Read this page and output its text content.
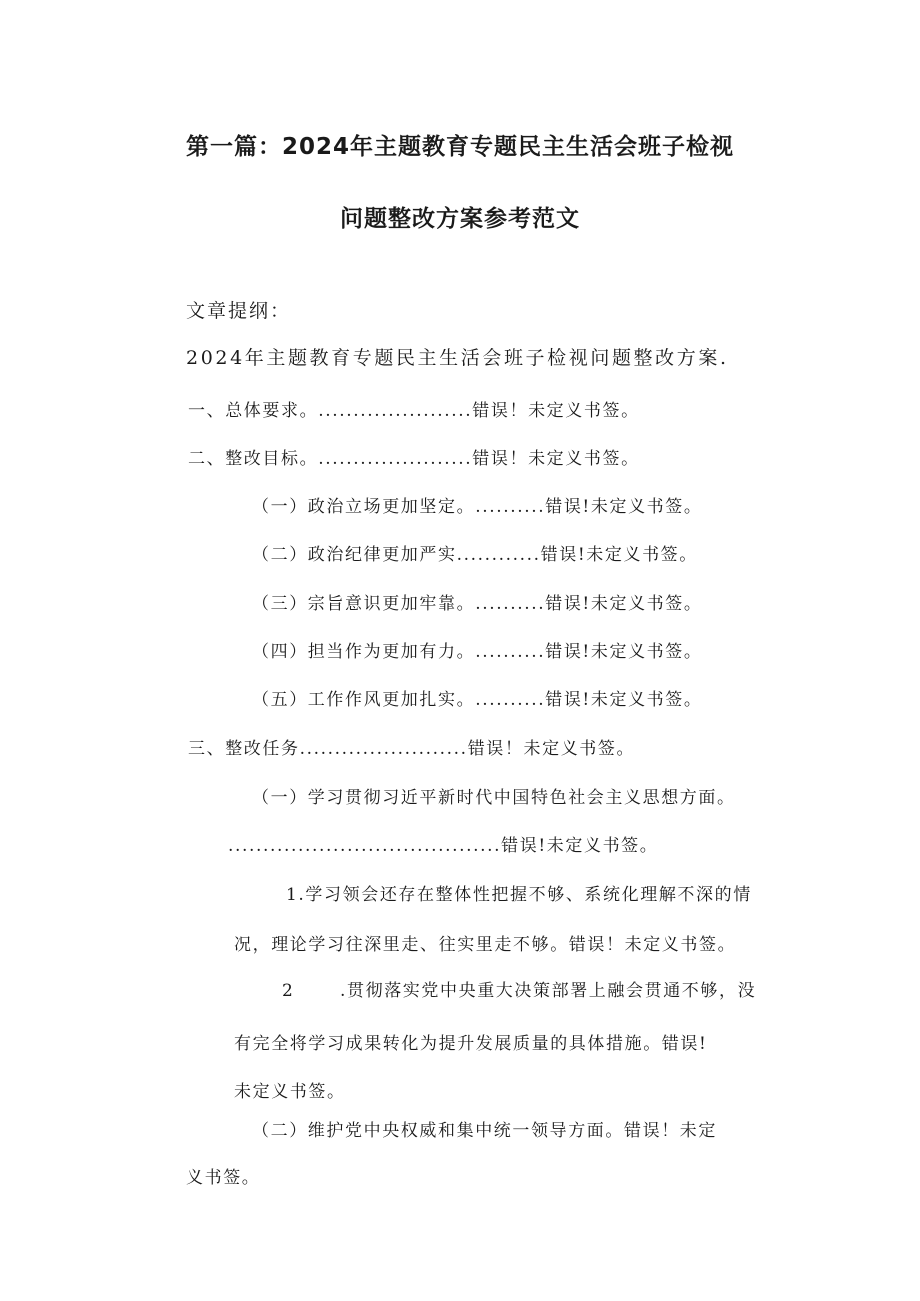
第一篇：2024年主题教育专题民主生活会班子检视
问题整改方案参考范文
文章提纲：
2024年主题教育专题民主生活会班子检视问题整改方案.
一、总体要求。......................错误！未定义书签。
二、整改目标。......................错误！未定义书签。
（一）政治立场更加坚定。..........错误!未定义书签。
（二）政治纪律更加严实............错误!未定义书签。
（三）宗旨意识更加牢靠。..........错误!未定义书签。
（四）担当作为更加有力。..........错误!未定义书签。
（五）工作作风更加扎实。..........错误!未定义书签。
三、整改任务........................错误！未定义书签。
（一）学习贯彻习近平新时代中国特色社会主义思想方面。
.......................................错误!未定义书签。
1.学习领会还存在整体性把握不够、系统化理解不深的情
况，理论学习往深里走、往实里走不够。错误！未定义书签。
2	.贯彻落实党中央重大决策部署上融会贯通不够，没
有完全将学习成果转化为提升发展质量的具体措施。错误!
未定义书签。
（二）维护党中央权威和集中统一领导方面。错误！未定
义书签。
